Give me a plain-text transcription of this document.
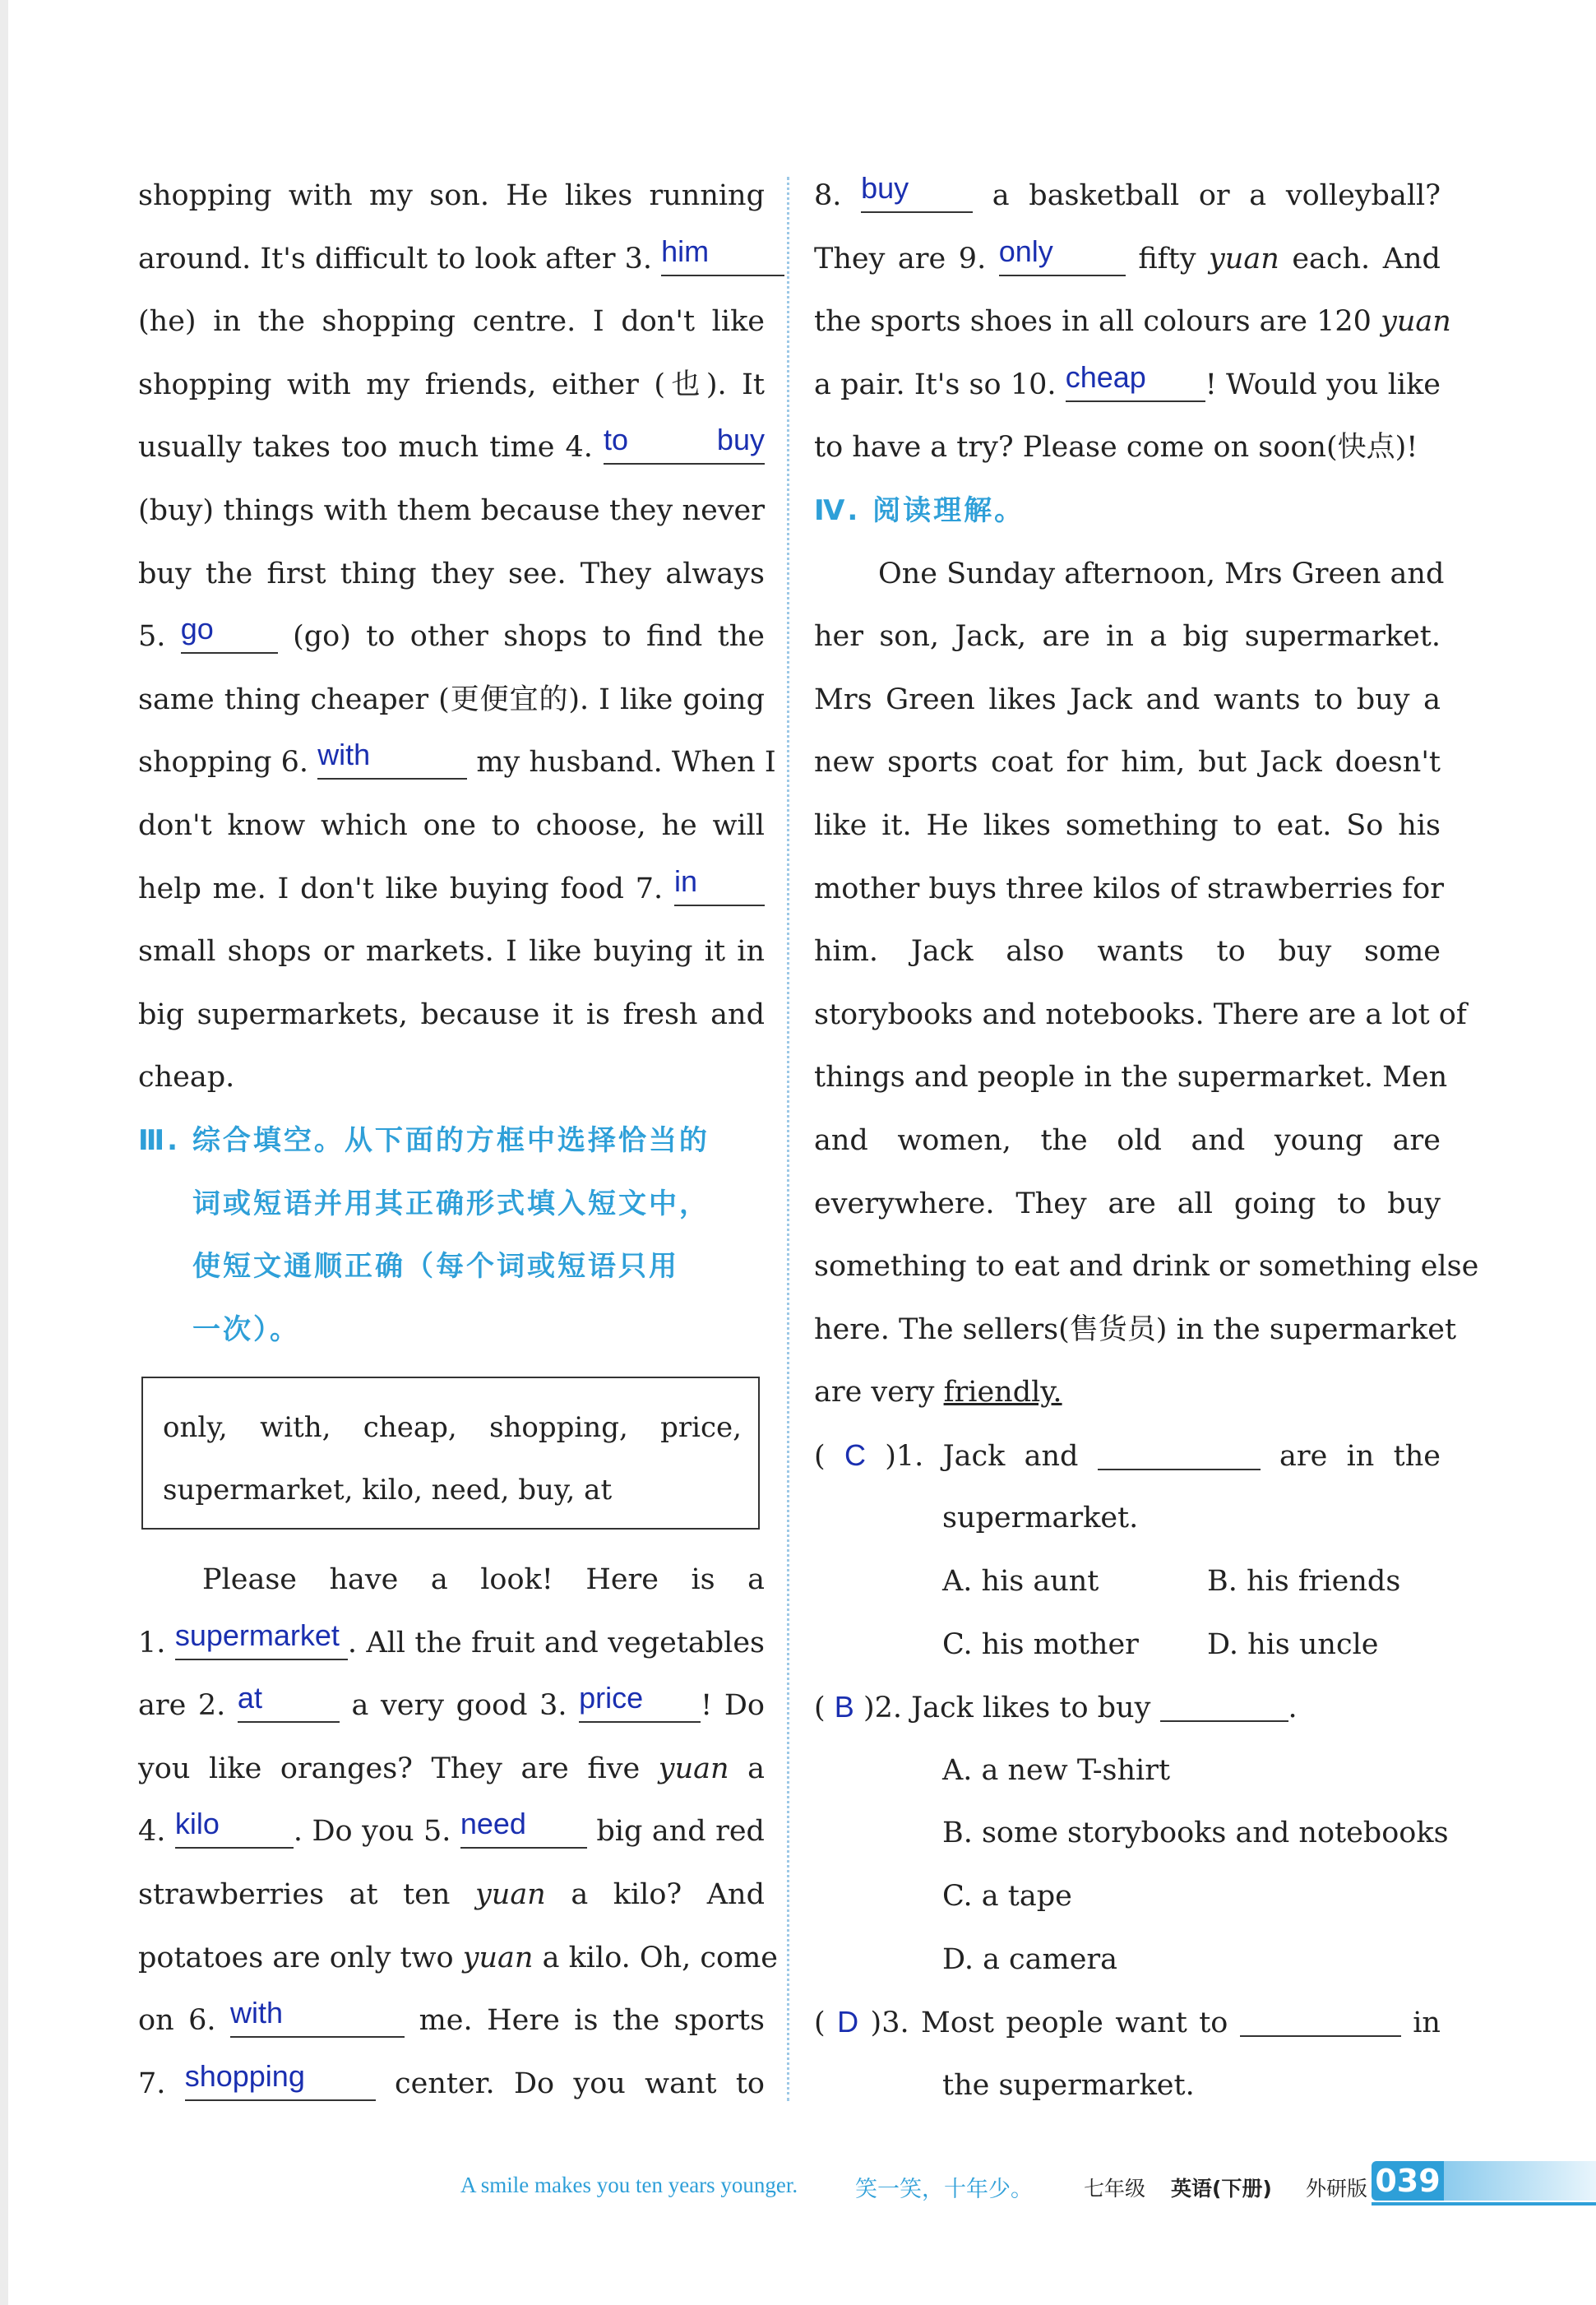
shopping with my son. He likes running
around. It's difficult to look after 3. him
(he) in the shopping centre. I don't like
shopping with my friends, either (也). It
usually takes too much time 4. to buy
(buy) things with them because they never
buy the first thing they see. They always
5. go	(go) to other shops to find the
same thing cheaper (更便宜的). I like going
shopping 6. with	my husband. When I
don't know which one to choose, he will
help me. I don't like buying food 7. in
small shops or markets. I like buying it in
big supermarkets, because it is fresh and
cheap.
Ⅲ. 综合填空。从下面的方框中选择恰当的
词或短语并用其正确形式填入短文中，
使短文通顺正确（每个词或短语只用
一次）。
only, with, cheap, shopping, price,
supermarket, kilo, need, buy, at
Please have a look! Here is a
1. supermarket . All the fruit and vegetables
are 2. at	a very good 3. price	! Do
you like oranges? They are five yuan a
4. kilo	. Do you 5. need	big and red
strawberries at ten yuan a kilo? And
potatoes are only two yuan a kilo. Oh, come
on 6. with	me. Here is the sports
7. shopping	center. Do you want to
8. buy	a basketball or a volleyball?
They are 9. only	fifty yuan each. And
the sports shoes in all colours are 120 yuan
a pair. It's so 10. cheap	! Would you like
to have a try? Please come on soon(快点)!
Ⅳ. 阅读理解。
One Sunday afternoon, Mrs Green and
her son, Jack, are in a big supermarket.
Mrs Green likes Jack and wants to buy a
new sports coat for him, but Jack doesn't
like it. He likes something to eat. So his
mother buys three kilos of strawberries for
him. Jack also wants to buy some
storybooks and notebooks. There are a lot of
things and people in the supermarket. Men
and women, the old and young are
everywhere. They are all going to buy
something to eat and drink or something else
here. The sellers(售货员) in the supermarket
are very friendly.
( C )1. Jack and	are in the
supermarket.
A. his aunt	B. his friends
C. his mother D. his uncle
( B )2. Jack likes to buy	.
A. a new T-shirt
B. some storybooks and notebooks
C. a tape
D. a camera
( D )3. Most people want to	in
the supermarket.
A smile makes you ten years younger.	笑一笑，十年少。 七年级 英语(下册) 外研版 039
